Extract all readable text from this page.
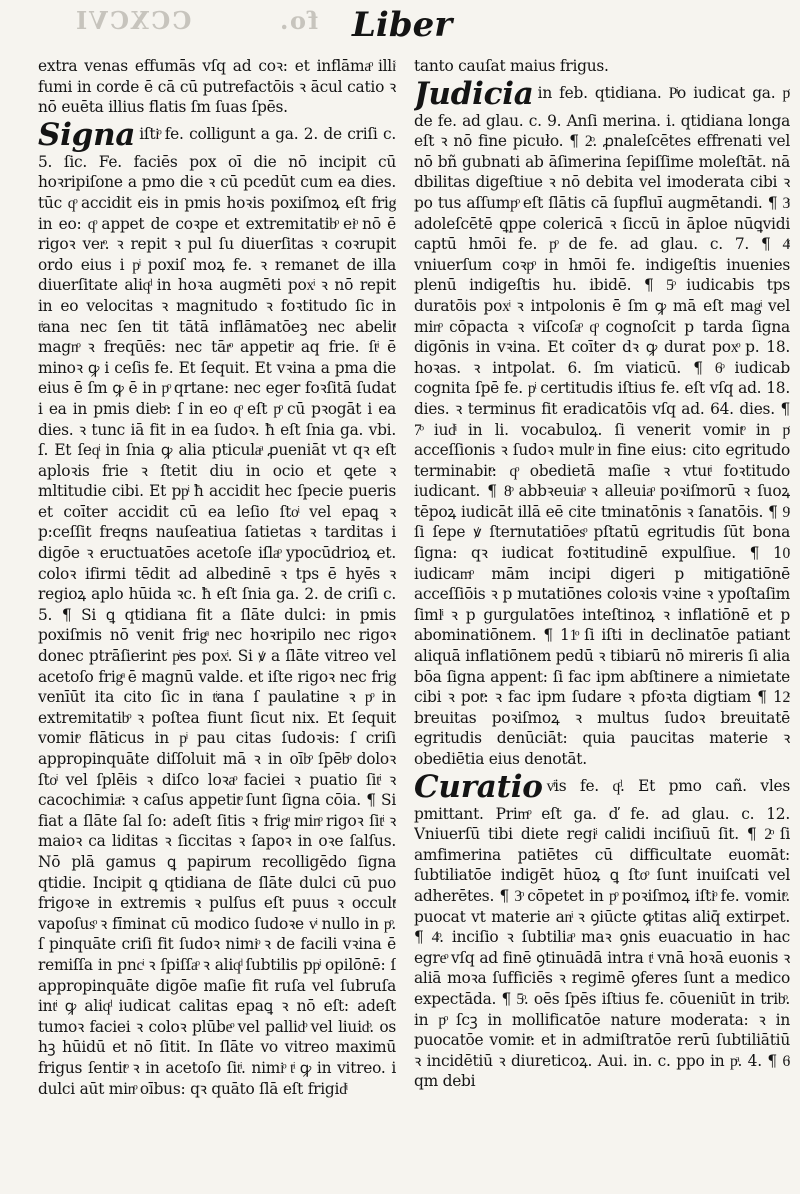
CCXCVI	fo. Liber

extra venas effumās vſq ad coꝛ: et inflāmaͦ illiͥ fumi in corde ē cā cū putrefactōis ꝛ ācul catio ꝛ nō euēta illius flatis ſm ſuas ſpēs.

Signa iſtiͦ fe. colligunt a ga. 2. de criſi c. 5. ſic. Fe. faciēs pox oī die nō incipit cū hoꝛripiſone a pmo die ꝛ cū pcedūt cum ea dies. tūc qͦ accidit eis in pmis hoꝛis poxiſmoꝝ eſt frigͣ in eo: qͦ appet de coꝛpe et extremitatibͦ eiͦ nō ē rigoꝛ verͦ. ꝛ repit ꝛ pul ſu diuerſitas ꝛ coꝛrupit ordo eius i pͥ poxiſ moꝝ fe. ꝛ remanet de illa diuerſitate aliqͩ in hoꝛa augmēti poxͥ ꝛ nō repit in eo velocitas ꝛ magnitudo ꝛ foꝛtitudo ſic in tͥana nec ſen tit tātā inflāmatōeꝫ nec abelitͦ magnͦ ꝛ freqūēs: nec tārͦ appetitͦ aq frie. ſtͥ ē minoꝛ ꝙ i ceſis fe. Et ſequit. Et vꝛina a pma die eius ē ſm ꝙ ē in pͦ qrtane: nec eger foꝛſitā ſudat i ea in pmis diebͦ: ſ in eo qͦ eſt pͦ cū pꝛogāt i ea dies. ꝛ tunc iā fit in ea ſudoꝛ. ħ eſt ſnia ga. vbi. ſ. Et ſeqͥ in ſnia ꝙ alia pticulaͣ ꝓueniāt vt qꝛ eſt aploꝛis frie ꝛ ſtetit diu in ocio et ꝗete ꝛ mltitudie cibi. Et ppͥ ħ accidit hec ſpecie pueris et coīter accidit cū ea leſio ſtoͥ vel epaꝗ ꝛ p:ceſſit freqns nauſeatiua ſatietas ꝛ tarditas i digōe ꝛ eructuatōes acetoſe iſlaͦ ypocūdrioꝝ et. coloꝛ ifirmi tēdit ad albedinē ꝛ tps ē hyēs ꝛ regioꝝ aplo hūida ꝛc. ħ eſt ſnia ga. 2. de criſi c. 5. ¶ Si ꝗ qtidiana fit a ſlāte dulci: in pmis poxiſmis nō venit frigͣ nec hoꝛripilo nec rigoꝛ donec ptrāſierint pͥes poxͥ. Si ꝟ a ſlāte vitreo vel acetoſo frigͣ ē magnū valde. et iſte rigoꝛ nec frigͣ venīūt ita cito ſic in tͥana ſ paulatine ꝛ pͦ in extremitatibͦ ꝛ poſtea fiunt ſicut nix. Et ſequit vomitͦ flāticus in pͥ pau citas ſudoꝛis: ſ criſi appropinquāte diſſoluit mā ꝛ in oībͦ ſpēbͦ doloꝛ ſtoͥ vel ſplēis ꝛ diſco loꝛaͦ faciei ꝛ puatio ſitͥ ꝛ cacochimiaͦ: ꝛ caſus appetitͦ ſunt ſigna cōia. ¶ Si fiat a ſlāte ſal ſo: adeſt ſitis ꝛ frigͣ minͦ rigoꝛ ſitͥ ꝛ maioꝛ ca liditas ꝛ ſiccitas ꝛ ſapoꝛ in oꝛe ſalſus. Nō plā gamus ꝗ papirum recolligēdo ſigna qtidie. Incipit ꝗ qtidiana de ſlāte dulci cū puo frigoꝛe in extremis ꝛ pulſus eſt puus ꝛ occultͦ vapoſusͦ ꝛ fīminat cū modico ſudoꝛe vͥ nullo in pͦ. ſ pinquāte criſi fit ſudoꝛ nimiͦ ꝛ de facili vꝛina ē remiſſa in pncͥ ꝛ ſpiſſaͦ ꝛ aliqͩ ſubtilis ppͥ opilōnē: ſ appropinquāte digōe maſie fit ruſa vel ſubruſa intͥ ꝙ aliqͩ iudicat calitas epaꝗ ꝛ nō eſt: adeſt tumoꝛ faciei ꝛ coloꝛ plūbeͦ vel pallidͦ vel liuidͦ. os hꝫ hūidū et nō ſitit. In ſlāte vo vitreo maximū frigus ſentitͦ ꝛ in acetoſo ſitͥ. nimiͦ tͥ ꝙ in vitreo. i dulci aūt minͦ oībus: qꝛ quāto ſlā eſt frigidͥ

tanto cauſat maius frigus.

Judicia in feb. qtidiana. Pͥo iudicat ga. pͦ de fe. ad glau. c. 9. Anſi merina. i. qtidiana longa eſt ꝛ nō fine picuło. ¶ 2ͦ. ꝓnaleſcētes effrenati vel nō bñ gubnati ab āſimerina ſepiſſime moleſtāt. nā dbilitas digeſtiue ꝛ nō debita vel imoderata cibi ꝛ po tus aſſumpͦ eſt ſlātis cā ſupfluī augmētandi. ¶ 3ͦ adoleſcētē ꝗppe colericā ꝛ ſiccū in āploe nūꝗvidi captū hmōi fe. pͦ de fe. ad glau. c. 7. ¶ 4ͦ vniuerſum coꝛpͦ in hmōi fe. indigeſtis inuenies plenū indigeſtis hu. ibidē. ¶ 5ͦ iudicabis tps duratōis poxͥ ꝛ intpolonis ē ſm ꝙ mā eſt magͥ vel minͦ cōpacta ꝛ viſcoſaͦ qͦ cognoſcit p tarda ſigna digōnis in vꝛina. Et coīter dꝛ ꝙ durat poxͦ p. 18. hoꝛas. ꝛ intpolat. 6. ſm viaticū. ¶ 6ͦ iudicab cognita ſpē fe. pͥ certitudis iſtius fe. eſt vſq ad. 18. dies. ꝛ terminus fit eradicatōis vſq ad. 64. dies. ¶ 7ͦ iudͥ in li. vocabuloꝝ. ſi venerit vomitͦ in pͦ acceſſionis ꝛ ſudoꝛ multͦ in fine eius: cito egritudo terminabitͦ: qͦ obedietā maſie ꝛ vtutͥ foꝛtitudo iudicant. ¶ 8ͦ abbꝛeuiaͦ ꝛ alleuiaͦ poꝛiſmorū ꝛ ſuoꝝ tēpoꝝ iudicāt illā eē cite tminatōnis ꝛ ſanatōis. ¶ 9ͦ ſi ſepe ꝟ ſternutatiōesͦ pſtatū egritudis ſūt bona ſigna: qꝛ iudicat foꝛtitudinē expulſiue. ¶ 10ͦ iudicamͦ mām incipi digeri p mitigatiōnē acceſſiōis ꝛ p mutatiōnes coloꝛis vꝛine ꝛ ypoſtaſim ſimlͥ ꝛ p gurgulatōes inteſtinoꝝ ꝛ inflatiōnē et p abominatiōnem. ¶ 11ͦ ſi iſti in declinatōe patiant aliquā inflatiōnem pedū ꝛ tibiarū nō mireris ſi alia bōa ſigna appent: ſi fac ipm abſtinere a nimietate cibi ꝛ potͦ: ꝛ fac ipm ſudare ꝛ pfoꝛta digtiam ¶ 12ͦ breuitas poꝛiſmoꝝ ꝛ multus ſudoꝛ breuitatē egritudis denūciāt: quia paucitas materie ꝛ obediētia eius denotāt.

Curatio vͥis fe. qͩ. Et pmo cañ. vles pmittant. Primͦ eſt ga. ď fe. ad glau. c. 12. Vniuerſū tibi diete regiͥ calidi inciſiuū ſit. ¶ 2ͦ ſi amfimerina patiētes cū difficultate euomāt: ſubtiliatōe indigēt hūoꝝ ꝗ ſtoͦ ſunt inuiſcati vel adherētes. ¶ 3ͦ cōpetet in pͦ poꝛiſmoꝝ iſtiͦ fe. vomitͦ. puocat vt materie anͥ ꝛ ꝯiūcte ꝙtitas aliq̄ extirpet. ¶ 4ͦ. inciſio ꝛ ſubtiliaͦ maꝛ ꝯnis euacuatio in hac egreͦ vſq ad finē ꝯtinuādā intra tͥ vnā hoꝛā euonis ꝛ aliā moꝛa ſufficiēs ꝛ regimē ꝯferes ſunt a medico expectāda. ¶ 5ͦ. oēs ſpēs iſtius fe. cōueniūt in tribͦ. in pͦ ſcꝫ in mollificatōe nature moderata: ꝛ in puocatōe vomitͦ: et in admiſtratōe rerū ſubtiliātiū ꝛ incidētiū ꝛ diureticoꝝ. Aui. in. c. ppo in pͣ. 4. ¶ 6ͦ qm debi
